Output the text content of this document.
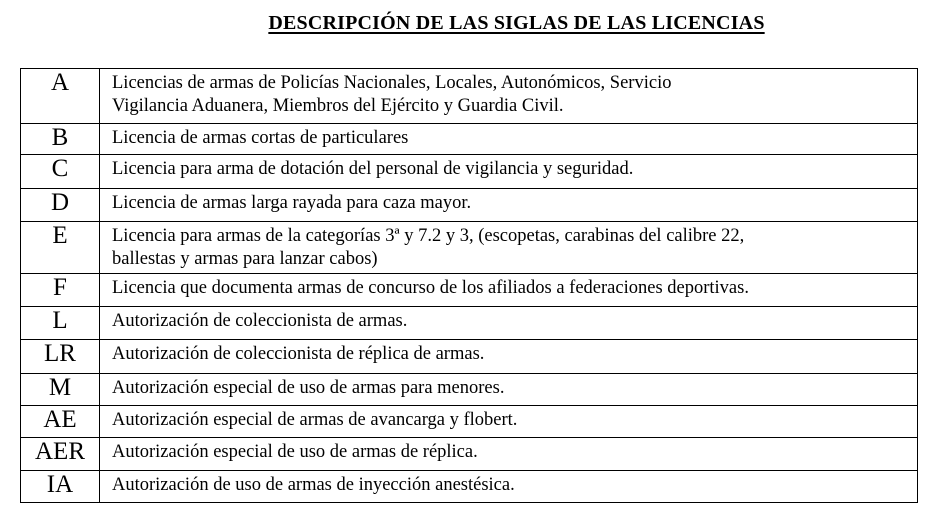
DESCRIPCIÓN DE LAS SIGLAS DE LAS LICENCIAS
A	Licencias de armas de Policías Nacionales, Locales, Autonómicos, Servicio
Vigilancia Aduanera, Miembros del Ejército y Guardia Civil.

B	Licencia de armas cortas de particulares

C	Licencia para arma de dotación del personal de vigilancia y seguridad.

D	Licencia de armas larga rayada para caza mayor.

E	Licencia para armas de la categorías 3ª y 7.2 y 3, (escopetas, carabinas del calibre 22,
ballestas y armas para lanzar cabos)

F	Licencia que documenta armas de concurso de los afiliados a federaciones deportivas.

L	Autorización de coleccionista de armas.

LR	Autorización de coleccionista de réplica de armas.

M	Autorización especial de uso de armas para menores.

AE	Autorización especial de armas de avancarga y flobert.

AER	Autorización especial de uso de armas de réplica.

IA	Autorización de uso de armas de inyección anestésica.
